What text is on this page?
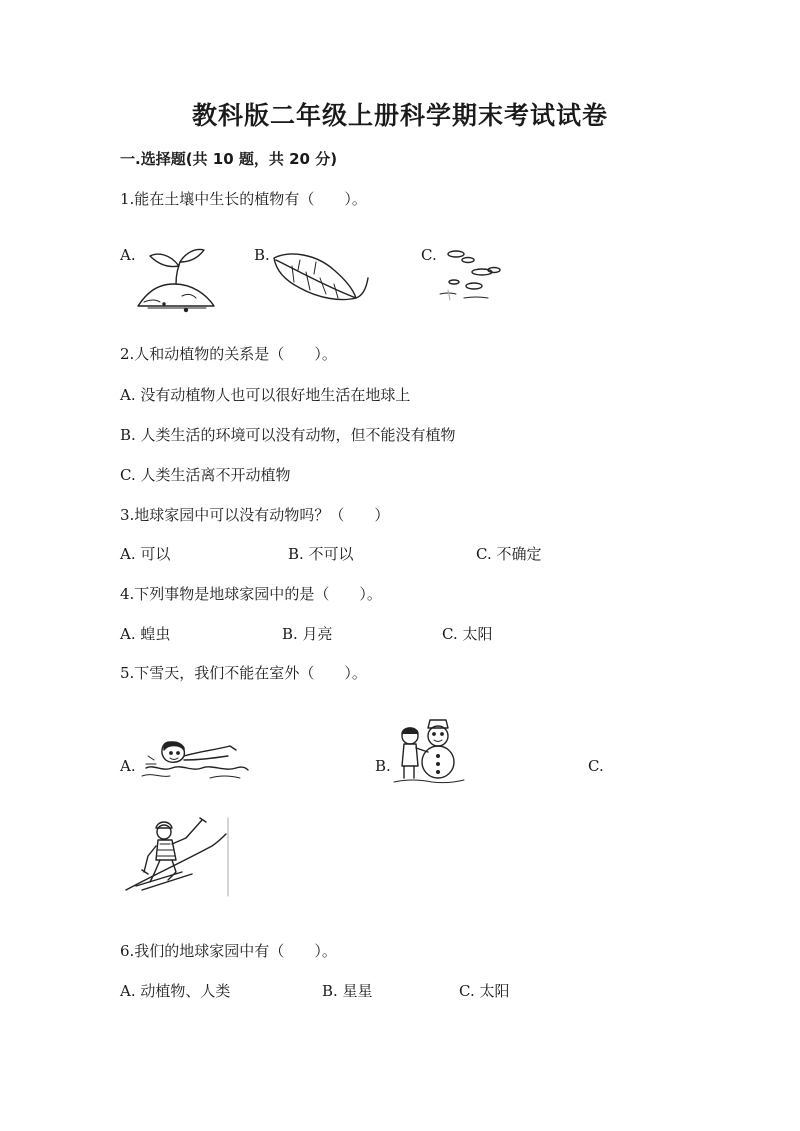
教科版二年级上册科学期末考试试卷
一.选择题(共 10 题，共 20 分)
1.能在土壤中生长的植物有（　　）。
A.	B.	C.
2.人和动植物的关系是（　　）。
A. 没有动植物人也可以很好地生活在地球上
B. 人类生活的环境可以没有动物，但不能没有植物
C. 人类生活离不开动植物
3.地球家园中可以没有动物吗？（　　）
A. 可以	B. 不可以	C. 不确定
4.下列事物是地球家园中的是（　　）。
A. 蝗虫	B. 月亮	C. 太阳
5.下雪天，我们不能在室外（　　）。
A.	B.	C.
6.我们的地球家园中有（　　）。
A. 动植物、人类	B. 星星	C. 太阳
